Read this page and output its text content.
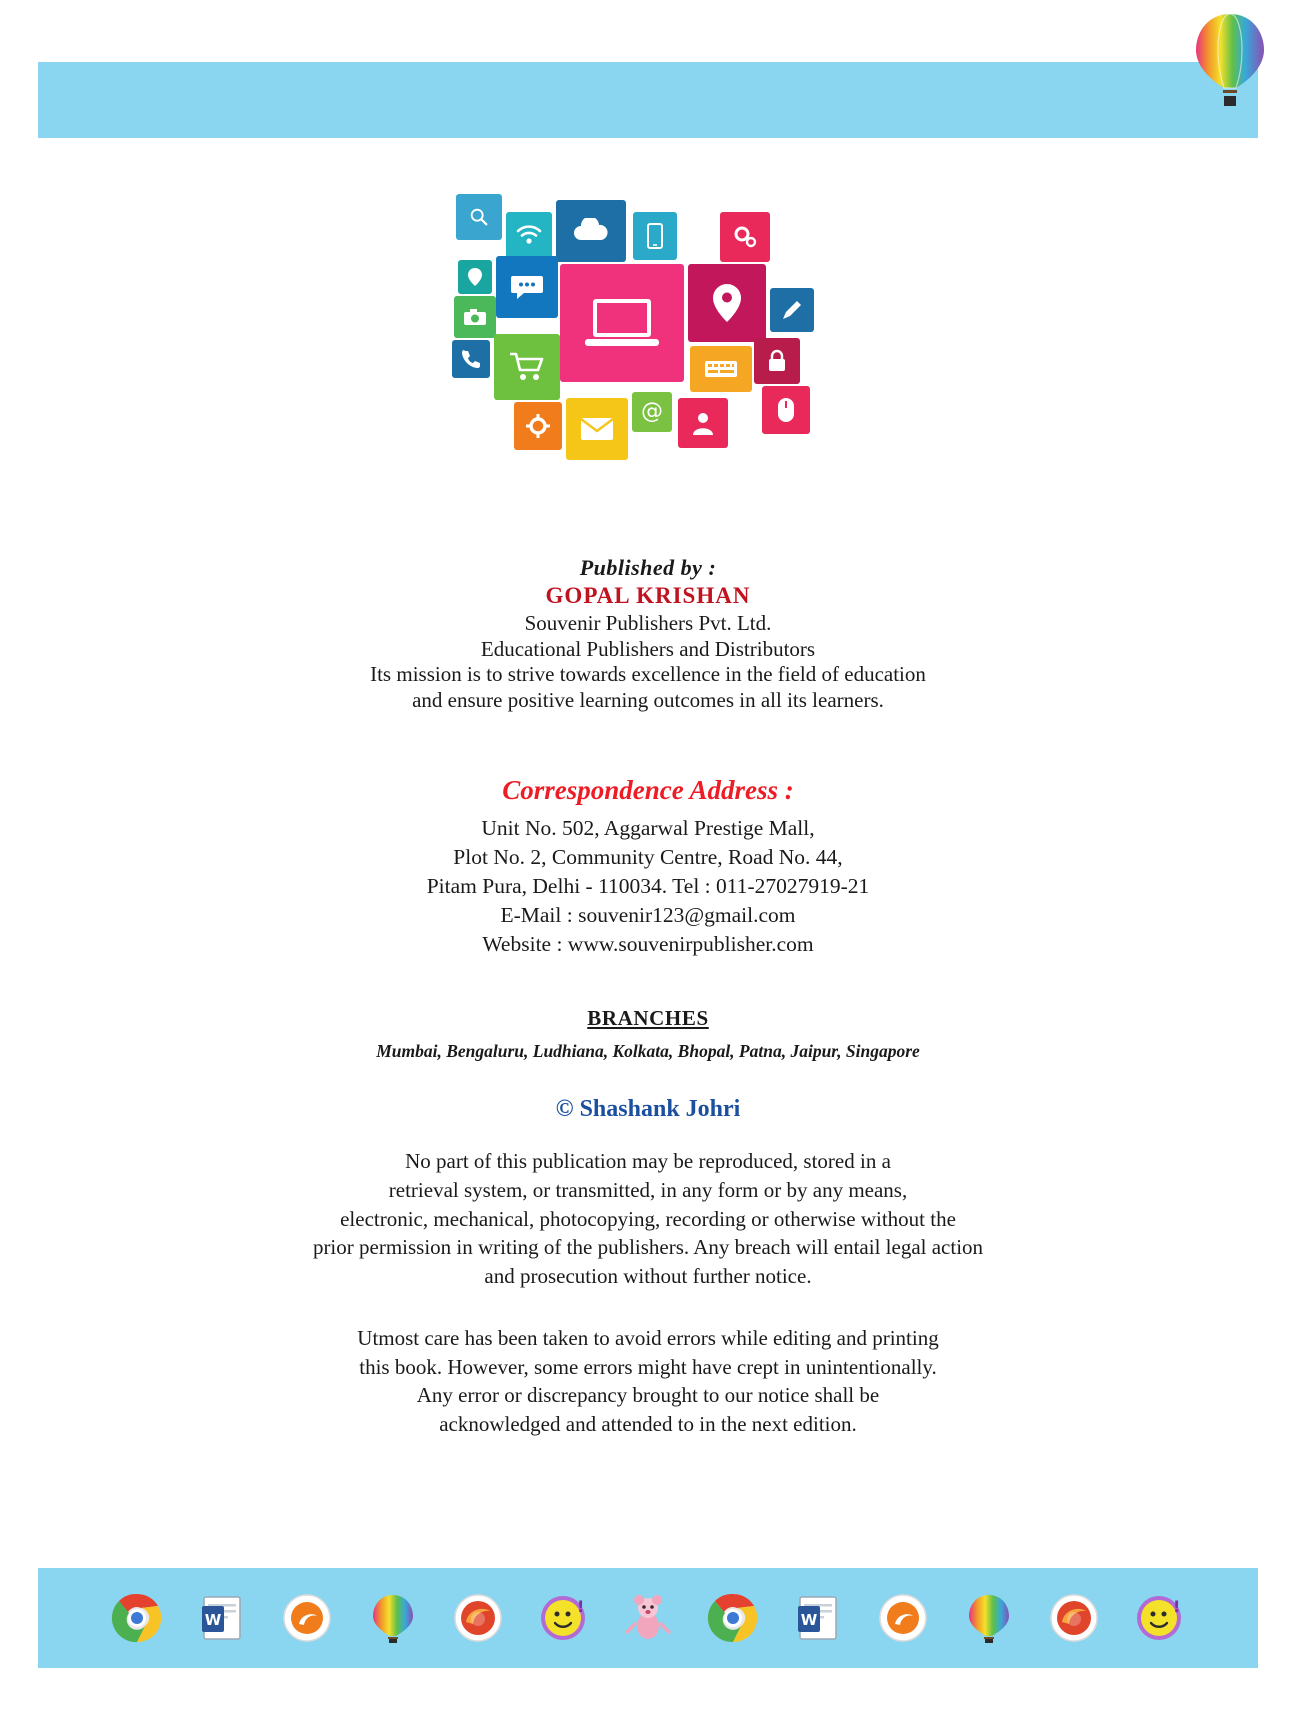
@
Published by :
GOPAL KRISHAN
Souvenir Publishers Pvt. Ltd.
Educational Publishers and Distributors
Its mission is to strive towards excellence in the field of education
and ensure positive learning outcomes in all its learners.
Correspondence Address :
Unit No. 502, Aggarwal Prestige Mall,
Plot No. 2, Community Centre, Road No. 44,
Pitam Pura, Delhi - 110034. Tel : 011-27027919-21
E-Mail : souvenir123@gmail.com
Website : www.souvenirpublisher.com
BRANCHES
Mumbai, Bengaluru, Ludhiana, Kolkata, Bhopal, Patna, Jaipur, Singapore
© Shashank Johri
No part of this publication may be reproduced, stored in a
retrieval system, or transmitted, in any form or by any means,
electronic, mechanical, photocopying, recording or otherwise without the
prior permission in writing of the publishers. Any breach will entail legal action
and prosecution without further notice.
Utmost care has been taken to avoid errors while editing and printing
this book. However, some errors might have crept in unintentionally.
Any error or discrepancy brought to our notice shall be
acknowledged and attended to in the next edition.
W
!
W
!
